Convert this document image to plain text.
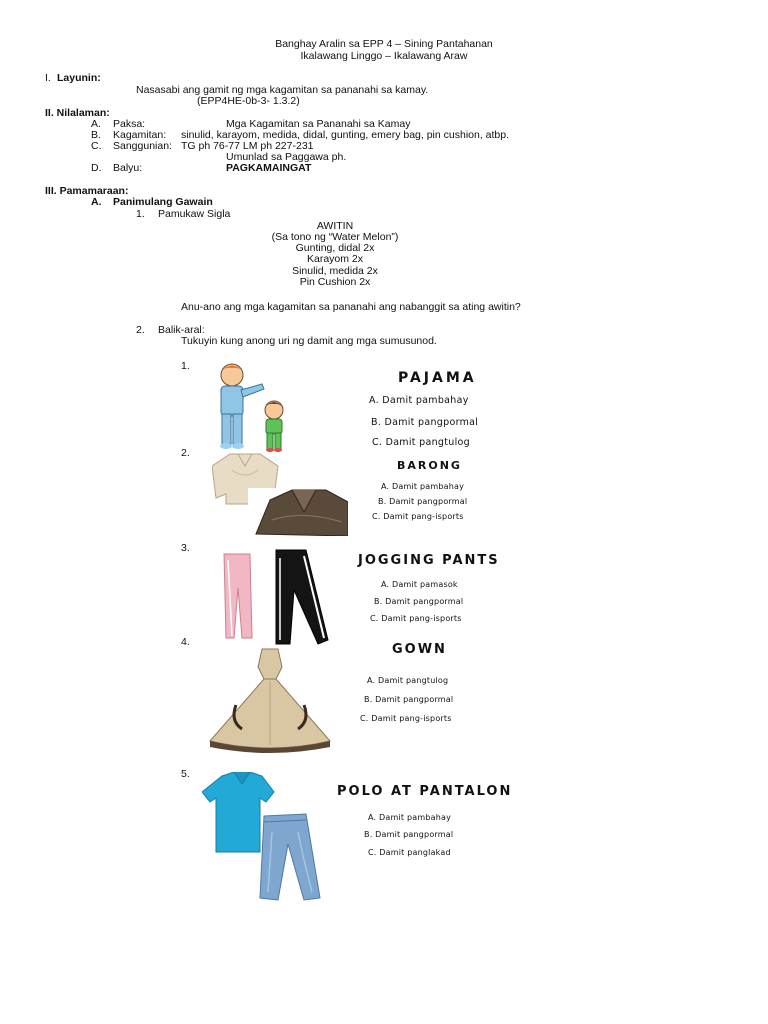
Banghay Aralin sa EPP 4 – Sining Pantahanan
Ikalawang Linggo – Ikalawang Araw
I. Layunin:
Nasasabi ang gamit ng mga kagamitan sa pananahi sa kamay.
(EPP4HE-0b-3- 1.3.2)
II. Nilalaman:
A. Paksa:	Mga Kagamitan sa Pananahi sa Kamay
B. Kagamitan: sinulid, karayom, medida, didal, gunting, emery bag, pin cushion, atbp.
C. Sanggunian: TG ph 76-77 LM ph 227-231
Umunlad sa Paggawa ph.
D. Balyu:	PAGKAMAINGAT
III. Pamamaraan:
A. Panimulang Gawain
1. Pamukaw Sigla
AWITIN
(Sa tono ng “Water Melon”)
Gunting, didal 2x
Karayom 2x
Sinulid, medida 2x
Pin Cushion 2x
Anu-ano ang mga kagamitan sa pananahi ang nabanggit sa ating awitin?
2. Balik-aral:
Tukuyin kung anong uri ng damit ang mga sumusunod.
1.
PAJAMA
A. Damit pambahay
B. Damit pangpormal
C. Damit pangtulog
2.
BARONG
A. Damit pambahay
B. Damit pangpormal
C. Damit pang-isports
3.
JOGGING PANTS
A. Damit pamasok
B. Damit pangpormal
C. Damit pang-isports
4.	GOWN
A. Damit pangtulog
B. Damit pangpormal
C. Damit pang-isports
5.
POLO AT PANTALON
A. Damit pambahay
B. Damit pangpormal
C. Damit panglakad
